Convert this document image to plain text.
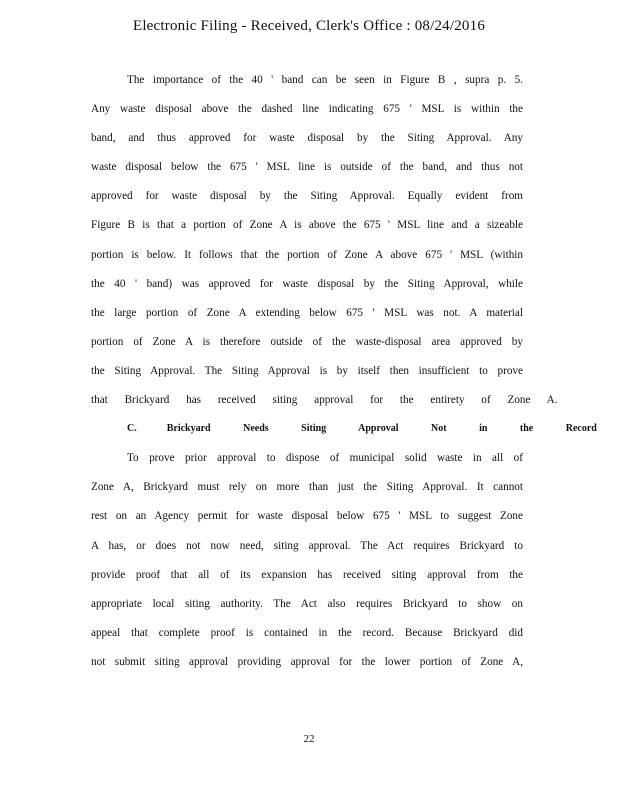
Electronic Filing - Received, Clerk's Office : 08/24/2016
The importance of the 40 ' band can be seen in Figure B , supra p. 5.
Any waste disposal above the dashed line indicating 675 ' MSL is within the
band, and thus approved for waste disposal by the Siting Approval. Any
waste disposal below the 675 ' MSL line is outside of the band, and thus not
approved for waste disposal by the Siting Approval. Equally evident from
Figure B is that a portion of Zone A is above the 675 ' MSL line and a sizeable
portion is below. It follows that the portion of Zone A above 675 ' MSL (within
the 40 ' band) was approved for waste disposal by the Siting Approval, while
the large portion of Zone A extending below 675 ' MSL was not. A material
portion of Zone A is therefore outside of the waste-disposal area approved by
the Siting Approval. The Siting Approval is by itself then insufficient to prove
that Brickyard has received siting approval for the entirety of Zone A.
C.	Brickyard Needs Siting Approval Not in the Record
To prove prior approval to dispose of municipal solid waste in all of
Zone A, Brickyard must rely on more than just the Siting Approval. It cannot
rest on an Agency permit for waste disposal below 675 ' MSL to suggest Zone
A has, or does not now need, siting approval. The Act requires Brickyard to
provide proof that all of its expansion has received siting approval from the
appropriate local siting authority. The Act also requires Brickyard to show on
appeal that complete proof is contained in the record. Because Brickyard did
not submit siting approval providing approval for the lower portion of Zone A,
22
